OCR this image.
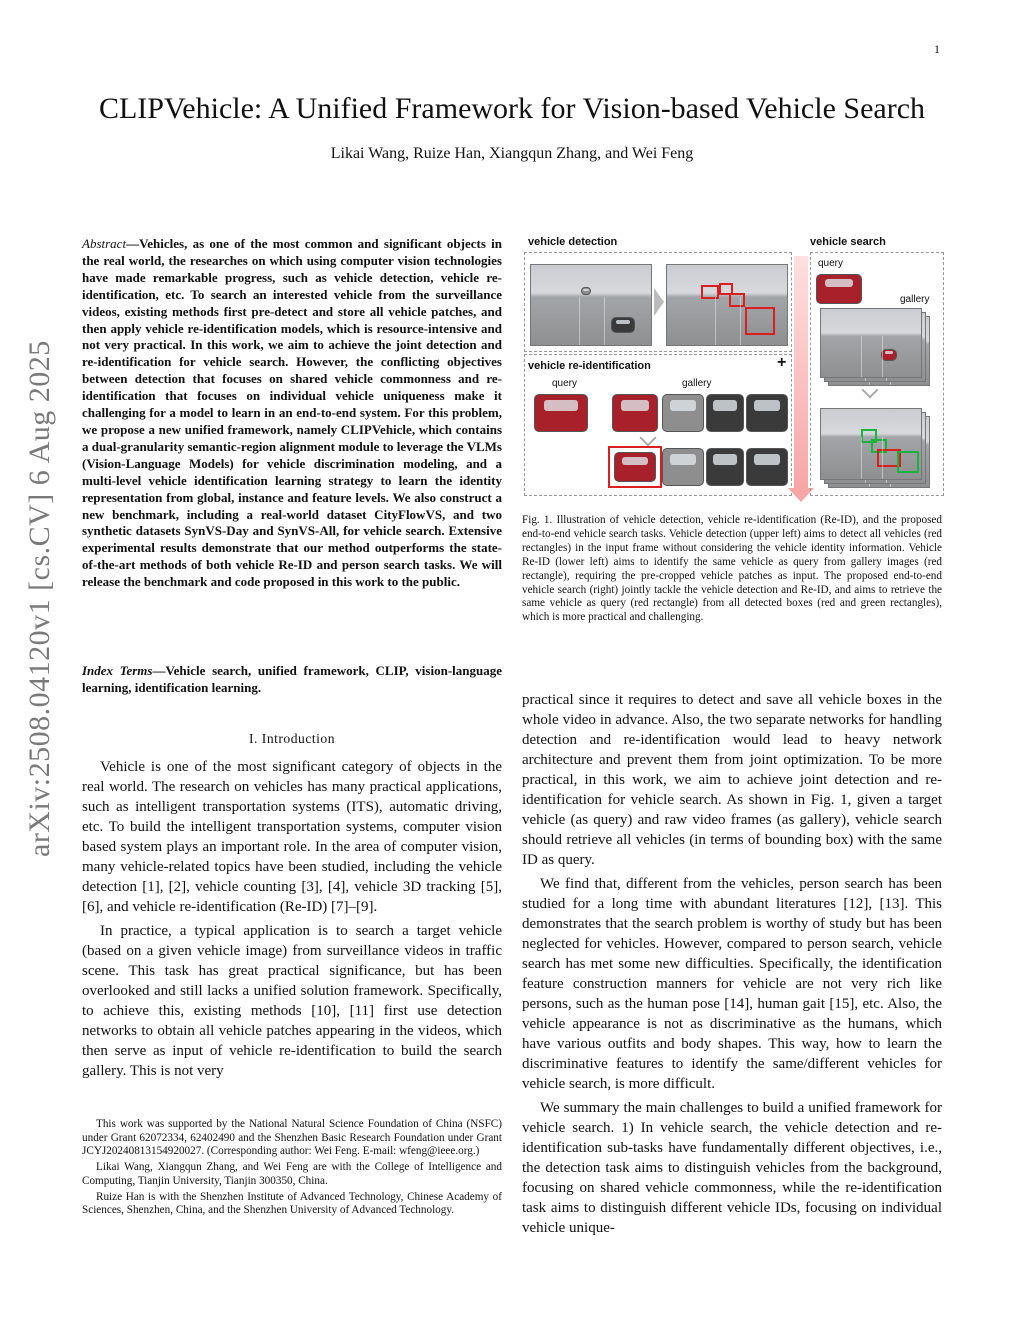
1
CLIPVehicle: A Unified Framework for Vision-based Vehicle Search
Likai Wang, Ruize Han, Xiangqun Zhang, and Wei Feng
arXiv:2508.04120v1 [cs.CV] 6 Aug 2025
Abstract—Vehicles, as one of the most common and significant objects in the real world, the researches on which using computer vision technologies have made remarkable progress, such as vehicle detection, vehicle re-identification, etc. To search an interested vehicle from the surveillance videos, existing methods first pre-detect and store all vehicle patches, and then apply vehicle re-identification models, which is resource-intensive and not very practical. In this work, we aim to achieve the joint detection and re-identification for vehicle search. However, the conflicting objectives between detection that focuses on shared vehicle commonness and re-identification that focuses on individual vehicle uniqueness make it challenging for a model to learn in an end-to-end system. For this problem, we propose a new unified framework, namely CLIPVehicle, which contains a dual-granularity semantic-region alignment module to leverage the VLMs (Vision-Language Models) for vehicle discrimination modeling, and a multi-level vehicle identification learning strategy to learn the identity representation from global, instance and feature levels. We also construct a new benchmark, including a real-world dataset CityFlowVS, and two synthetic datasets SynVS-Day and SynVS-All, for vehicle search. Extensive experimental results demonstrate that our method outperforms the state-of-the-art methods of both vehicle Re-ID and person search tasks. We will release the benchmark and code proposed in this work to the public.
Index Terms—Vehicle search, unified framework, CLIP, vision-language learning, identification learning.
I. Introduction

Vehicle is one of the most significant category of objects in the real world. The research on vehicles has many practical applications, such as intelligent transportation systems (ITS), automatic driving, etc. To build the intelligent transportation systems, computer vision based system plays an important role. In the area of computer vision, many vehicle-related topics have been studied, including the vehicle detection [1], [2], vehicle counting [3], [4], vehicle 3D tracking [5], [6], and vehicle re-identification (Re-ID) [7]–[9].

In practice, a typical application is to search a target vehicle (based on a given vehicle image) from surveillance videos in traffic scene. This task has great practical significance, but has been overlooked and still lacks a unified solution framework. Specifically, to achieve this, existing methods [10], [11] first use detection networks to obtain all vehicle patches appearing in the videos, which then serve as input of vehicle re-identification to build the search gallery. This is not very

This work was supported by the National Natural Science Foundation of China (NSFC) under Grant 62072334, 62402490 and the Shenzhen Basic Research Foundation under Grant JCYJ20240813154920027. (Corresponding author: Wei Feng. E-mail: wfeng@ieee.org.)

Likai Wang, Xiangqun Zhang, and Wei Feng are with the College of Intelligence and Computing, Tianjin University, Tianjin 300350, China.

Ruize Han is with the Shenzhen Institute of Advanced Technology, Chinese Academy of Sciences, Shenzhen, China, and the Shenzhen University of Advanced Technology.

vehicle detection	vehicle search
vehicle re-identification	+
query	gallery
query
gallery
Fig. 1. Illustration of vehicle detection, vehicle re-identification (Re-ID), and the proposed end-to-end vehicle search tasks. Vehicle detection (upper left) aims to detect all vehicles (red rectangles) in the input frame without considering the vehicle identity information. Vehicle Re-ID (lower left) aims to identify the same vehicle as query from gallery images (red rectangle), requiring the pre-cropped vehicle patches as input. The proposed end-to-end vehicle search (right) jointly tackle the vehicle detection and Re-ID, and aims to retrieve the same vehicle as query (red rectangle) from all detected boxes (red and green rectangles), which is more practical and challenging.

practical since it requires to detect and save all vehicle boxes in the whole video in advance. Also, the two separate networks for handling detection and re-identification would lead to heavy network architecture and prevent them from joint optimization. To be more practical, in this work, we aim to achieve joint detection and re-identification for vehicle search. As shown in Fig. 1, given a target vehicle (as query) and raw video frames (as gallery), vehicle search should retrieve all vehicles (in terms of bounding box) with the same ID as query.

We find that, different from the vehicles, person search has been studied for a long time with abundant literatures [12], [13]. This demonstrates that the search problem is worthy of study but has been neglected for vehicles. However, compared to person search, vehicle search has met some new difficulties. Specifically, the identification feature construction manners for vehicle are not very rich like persons, such as the human pose [14], human gait [15], etc. Also, the vehicle appearance is not as discriminative as the humans, which have various outfits and body shapes. This way, how to learn the discriminative features to identify the same/different vehicles for vehicle search, is more difficult.

We summary the main challenges to build a unified framework for vehicle search. 1) In vehicle search, the vehicle detection and re-identification sub-tasks have fundamentally different objectives, i.e., the detection task aims to distinguish vehicles from the background, focusing on shared vehicle commonness, while the re-identification task aims to distinguish different vehicle IDs, focusing on individual vehicle unique-
